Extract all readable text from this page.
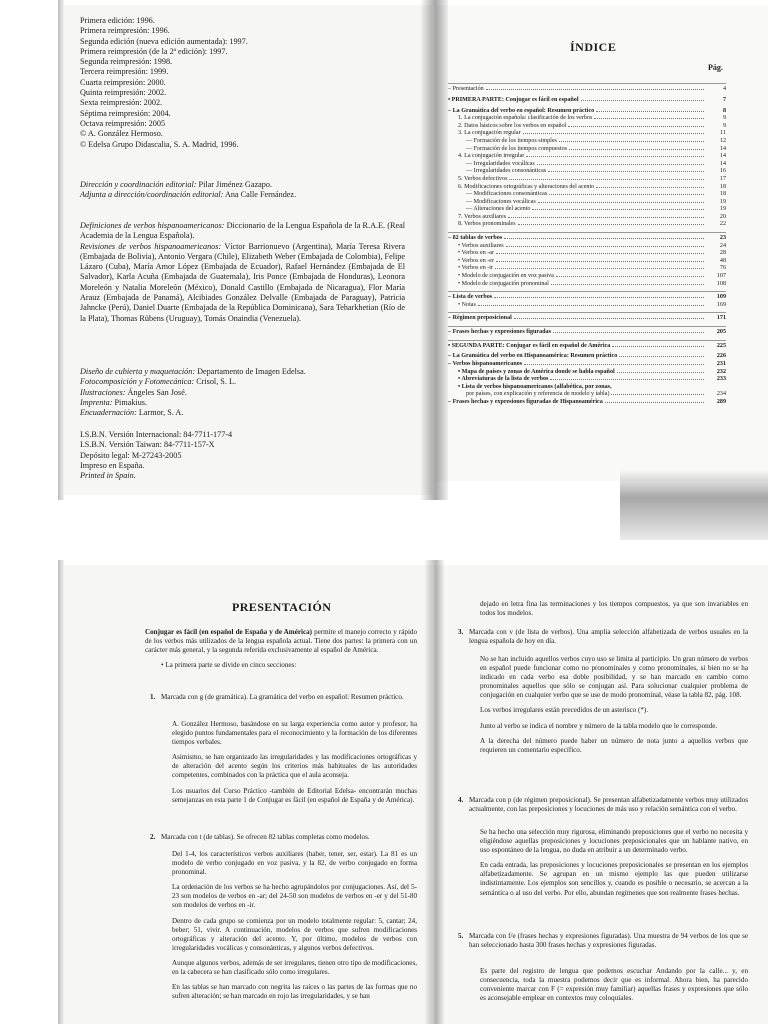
Primera edición: 1996.

Primera reimpresión: 1996.

Segunda edición (nueva edición aumentada): 1997.

Primera reimpresión (de la 2ª edición): 1997.

Segunda reimpresión: 1998.

Tercera reimpresión: 1999.

Cuarta reimpresión: 2000.

Quinta reimpresión: 2002.

Sexta reimpresión: 2002.

Séptima reimpresión: 2004.

Octava reimpresión: 2005

© A. González Hermoso.

© Edelsa Grupo Didascalia, S. A. Madrid, 1996.

Dirección y coordinación editorial: Pilar Jiménez Gazapo.

Adjunta a dirección/coordinación editorial: Ana Calle Fernández.

Definiciones de verbos hispanoamericanos: Diccionario de la Lengua Española de la R.A.E. (Real Academia de la Lengua Española).

Revisiones de verbos hispanoamericanos: Víctor Barrionuevo (Argentina), María Teresa Rivera (Embajada de Bolivia), Antonio Vergara (Chile), Elizabeth Weber (Embajada de Colombia), Felipe Lázaro (Cuba), María Amor López (Embajada de Ecuador), Rafael Hernández (Embajada de El Salvador), Karla Acuña (Embajada de Guatemala), Iris Ponce (Embajada de Honduras), Leonora Moreleón y Natalia Moreleón (México), Donald Castillo (Embajada de Nicaragua), Flor María Arauz (Embajada de Panamá), Alcibiades González Delvalle (Embajada de Paraguay), Patricia Jahncke (Perú), Daniel Duarte (Embajada de la República Dominicana), Sara Teharkhetian (Río de la Plata), Thomas Rübens (Uruguay), Tomás Onaindia (Venezuela).

Diseño de cubierta y maquetación: Departamento de Imagen Edelsa.

Fotocomposición y Fotomecánica: Crisol, S. L.

Ilustraciones: Ángeles San José.

Imprenta: Pimakius.

Encuadernación: Larmor, S. A.

I.S.B.N. Versión Internacional: 84-7711-177-4

I.S.B.N. Versión Taiwan: 84-7711-157-X

Depósito legal: M-27243-2005

Impreso en España.

Printed in Spain.

ÍNDICE
Pág.
– Presentación	4
• PRIMERA PARTE: Conjugar es fácil en español	7
– La Gramática del verbo en español: Resumen práctico	8
1. La conjugación española: clasificación de los verbos	9
2. Datos básicos sobre los verbos en español	9
3. La conjugación regular	11
— Formación de los tiempos simples	12
— Formación de los tiempos compuestos	14
4. La conjugación irregular	14
— Irregularidades vocálicas	14
— Irregularidades consonánticas	16
5. Verbos defectivos	17
6. Modificaciones ortográficas y alteraciones del acento	18
— Modificaciones consonánticas	18
— Modificaciones vocálicas	19
— Alteraciones del acento	19
7. Verbos auxiliares	20
8. Verbos pronominales	22
– 82 tablas de verbos	23
• Verbos auxiliares	24
• Verbos en -ar	28
• Verbos en -er	48
• Verbos en -ir	76
• Modelo de conjugación en voz pasiva	107
• Modelo de conjugación pronominal	108
– Lista de verbos	109
• Notas	169
– Régimen preposicional	171
– Frases hechas y expresiones figuradas	205
• SEGUNDA PARTE: Conjugar es fácil en español de América	225
– La Gramática del verbo en Hispanoamérica: Resumen práctico	226
– Verbos hispanoamericanos	231
• Mapa de países y zonas de América donde se habla español	232
• Abreviaturas de la lista de verbos	233
• Lista de verbos hispanoamericanos (alfabética, por zonas,
por países, con explicación y referencia de modelo y tabla)	234
– Frases hechas y expresiones figuradas de Hispanoamérica	289
PRESENTACIÓN

Conjugar es fácil (en español de España y de América) permite el manejo correcto y rápido de los verbos más utilizados de la lengua española actual. Tiene dos partes: la primera con un carácter más general, y la segunda referida exclusivamente al español de América.

• La primera parte se divide en cinco secciones:

1. Marcada con g (de gramática). La gramática del verbo en español: Resumen práctico.

A. González Hermoso, basándose en su larga experiencia como autor y profesor, ha elegido puntos fundamentales para el reconocimiento y la formación de los diferentes tiempos verbales.

Asimismo, se han organizado las irregularidades y las modificaciones ortográficas y de alteración del acento según los criterios más habituales de las autoridades competentes, combinados con la práctica que el aula aconseja.

Los usuarios del Curso Práctico -también de Editorial Edelsa- encontrarán muchas semejanzas en esta parte 1 de Conjugar es fácil (en español de España y de América).

2. Marcada con t (de tablas). Se ofrecen 82 tablas completas como modelos.

Del 1-4, los característicos verbos auxiliares (haber, tener, ser, estar). La 81 es un modelo de verbo conjugado en voz pasiva, y la 82, de verbo conjugado en forma pronominal.

La ordenación de los verbos se ha hecho agrupándolos por conjugaciones. Así, del 5-23 son modelos de verbos en -ar; del 24-50 son modelos de verbos en -er y del 51-80 son modelos de verbos en -ir.

Dentro de cada grupo se comienza por un modelo totalmente regular: 5, cantar; 24, beber; 51, vivir. A continuación, modelos de verbos que sufren modificaciones ortográficas y alteración del acento. Y, por último, modelos de verbos con irregularidades vocálicas y consonánticas, y algunos verbos defectivos.

Aunque algunos verbos, además de ser irregulares, tienen otro tipo de modificaciones, en la cabecera se han clasificado sólo como irregulares.

En las tablas se han marcado con negrita las raíces o las partes de las formas que no sufren alteración; se han marcado en rojo las irregularidades, y se han

dejado en letra fina las terminaciones y los tiempos compuestos, ya que son invariables en todos los modelos.

3. Marcada con v (de lista de verbos). Una amplia selección alfabetizada de verbos usuales en la lengua española de hoy en día.

No se han incluido aquellos verbos cuyo uso se limita al participio. Un gran número de verbos en español puede funcionar como no pronominales y como pronominales, si bien no se ha indicado en cada verbo esa doble posibilidad, y se han marcado en cambio como pronominales aquellos que sólo se conjugan así. Para solucionar cualquier problema de conjugación en cualquier verbo que se use de modo pronominal, véase la tabla 82, pág. 108.

Los verbos irregulares están precedidos de un asterisco (*).

Junto al verbo se indica el nombre y número de la tabla modelo que le corresponde.

A la derecha del número puede haber un número de nota junto a aquellos verbos que requieren un comentario específico.

4. Marcada con p (de régimen preposicional). Se presentan alfabetizadamente verbos muy utilizados actualmente, con las preposiciones y locuciones de más uso y relación semántica con el verbo.

Se ha hecho una selección muy rigurosa, eliminando preposiciones que el verbo no necesita y eligiéndose aquellas preposiciones y locuciones preposicionales que un hablante nativo, en uso espontáneo de la lengua, no duda en atribuir a un determinado verbo.

En cada entrada, las preposiciones y locuciones preposicionales se presentan en los ejemplos alfabetizadamente. Se agrupan en un mismo ejemplo las que pueden utilizarse indistintamente. Los ejemplos son sencillos y, cuando es posible o necesario, se acercan a la semántica o al uso del verbo. Por ello, abundan regímenes que son realmente frases hechas.

5. Marcada con f/e (frases hechas y expresiones figuradas). Una muestra de 94 verbos de los que se han seleccionado hasta 300 frases hechas y expresiones figuradas.

Es parte del registro de lengua que podemos escuchar Andando por la calle... y, en consecuencia, toda la muestra podemos decir que es informal. Ahora bien, ha parecido conveniente marcar con F (= expresión muy familiar) aquellas frases y expresiones que sólo es aconsejable emplear en contextos muy coloquiales.
